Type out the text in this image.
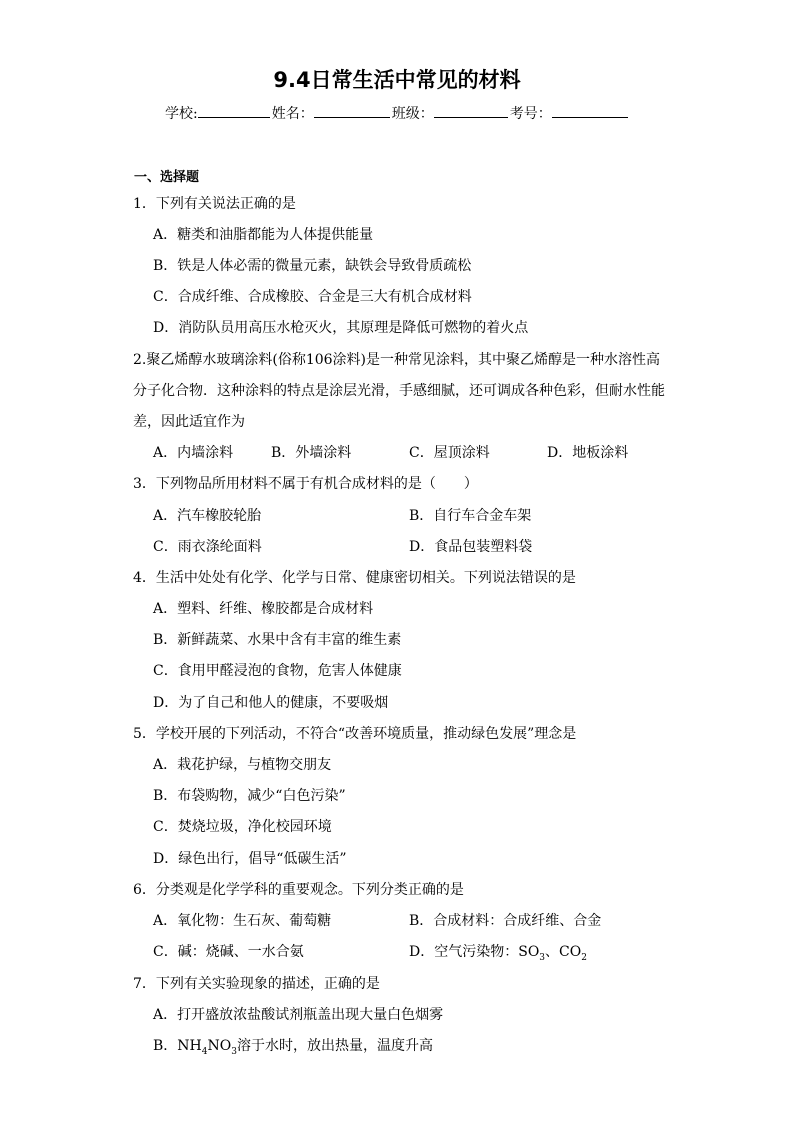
9.4日常生活中常见的材料
学校:	姓名：	班级：	考号：
一、选择题
1．下列有关说法正确的是
A．糖类和油脂都能为人体提供能量
B．铁是人体必需的微量元素，缺铁会导致骨质疏松
C．合成纤维、合成橡胶、合金是三大有机合成材料
D．消防队员用高压水枪灭火，其原理是降低可燃物的着火点
2.聚乙烯醇水玻璃涂料(俗称106涂料)是一种常见涂料，其中聚乙烯醇是一种水溶性高
分子化合物．这种涂料的特点是涂层光滑，手感细腻，还可调成各种色彩，但耐水性能
差，因此适宜作为
A．内墙涂料	B．外墙涂料	C．屋顶涂料	D．地板涂料
3．下列物品所用材料不属于有机合成材料的是（　　）
A．汽车橡胶轮胎	B．自行车合金车架
C．雨衣涤纶面料	D．食品包装塑料袋
4．生活中处处有化学、化学与日常、健康密切相关。下列说法错误的是
A．塑料、纤维、橡胶都是合成材料
B．新鲜蔬菜、水果中含有丰富的维生素
C．食用甲醛浸泡的食物，危害人体健康
D．为了自己和他人的健康，不要吸烟
5．学校开展的下列活动，不符合“改善环境质量，推动绿色发展”理念是
A．栽花护绿，与植物交朋友
B．布袋购物，减少“白色污染”
C．焚烧垃圾，净化校园环境
D．绿色出行，倡导“低碳生活”
6．分类观是化学学科的重要观念。下列分类正确的是
A．氧化物：生石灰、葡萄糖	B．合成材料：合成纤维、合金
C．碱：烧碱、一水合氨	D．空气污染物：$SO_3$、$CO_2$
7．下列有关实验现象的描述，正确的是
A．打开盛放浓盐酸试剂瓶盖出现大量白色烟雾
B．$NH_4NO_3$溶于水时，放出热量，温度升高
